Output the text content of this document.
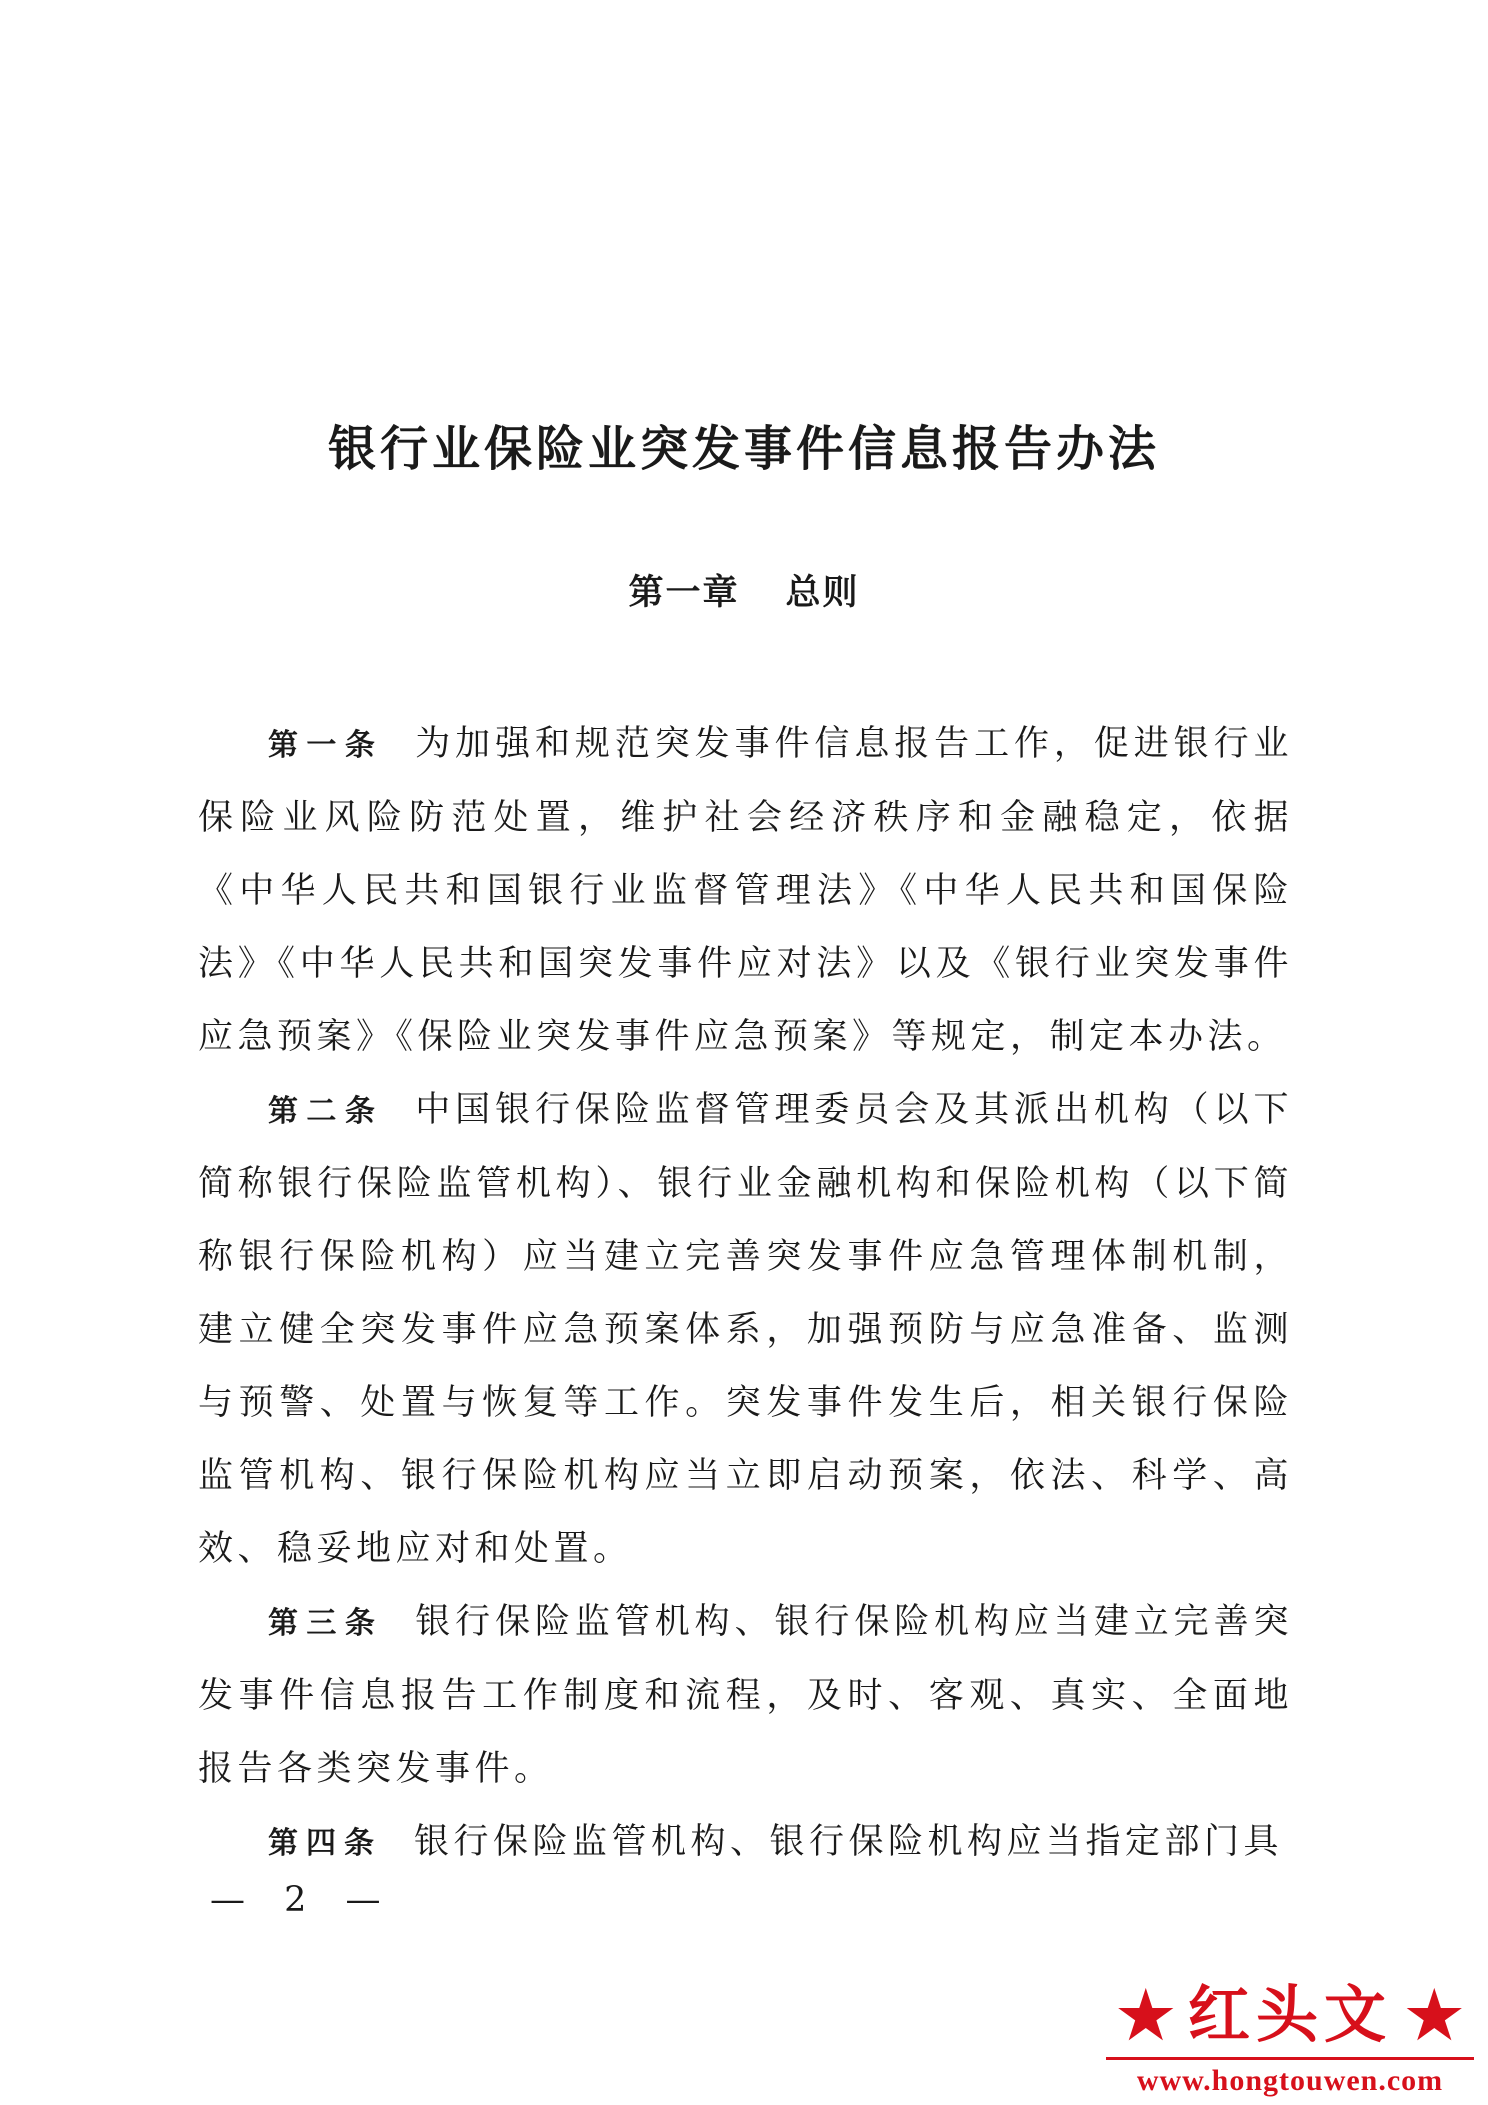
银行业保险业突发事件信息报告办法
第一章 总则

第一条 为加强和规范突发事件信息报告工作，促进银行业保险业风险防范处置，维护社会经济秩序和金融稳定，依据《中华人民共和国银行业监督管理法》《中华人民共和国保险法》《中华人民共和国突发事件应对法》以及《银行业突发事件应急预案》《保险业突发事件应急预案》等规定，制定本办法。

第二条 中国银行保险监督管理委员会及其派出机构（以下简称银行保险监管机构）、银行业金融机构和保险机构（以下简称银行保险机构）应当建立完善突发事件应急管理体制机制，建立健全突发事件应急预案体系，加强预防与应急准备、监测与预警、处置与恢复等工作。突发事件发生后，相关银行保险监管机构、银行保险机构应当立即启动预案，依法、科学、高效、稳妥地应对和处置。

第三条 银行保险监管机构、银行保险机构应当建立完善突发事件信息报告工作制度和流程，及时、客观、真实、全面地报告各类突发事件。

第四条 银行保险监管机构、银行保险机构应当指定部门具

— 2 —
★ 红头文 ★
www.hongtouwen.com
